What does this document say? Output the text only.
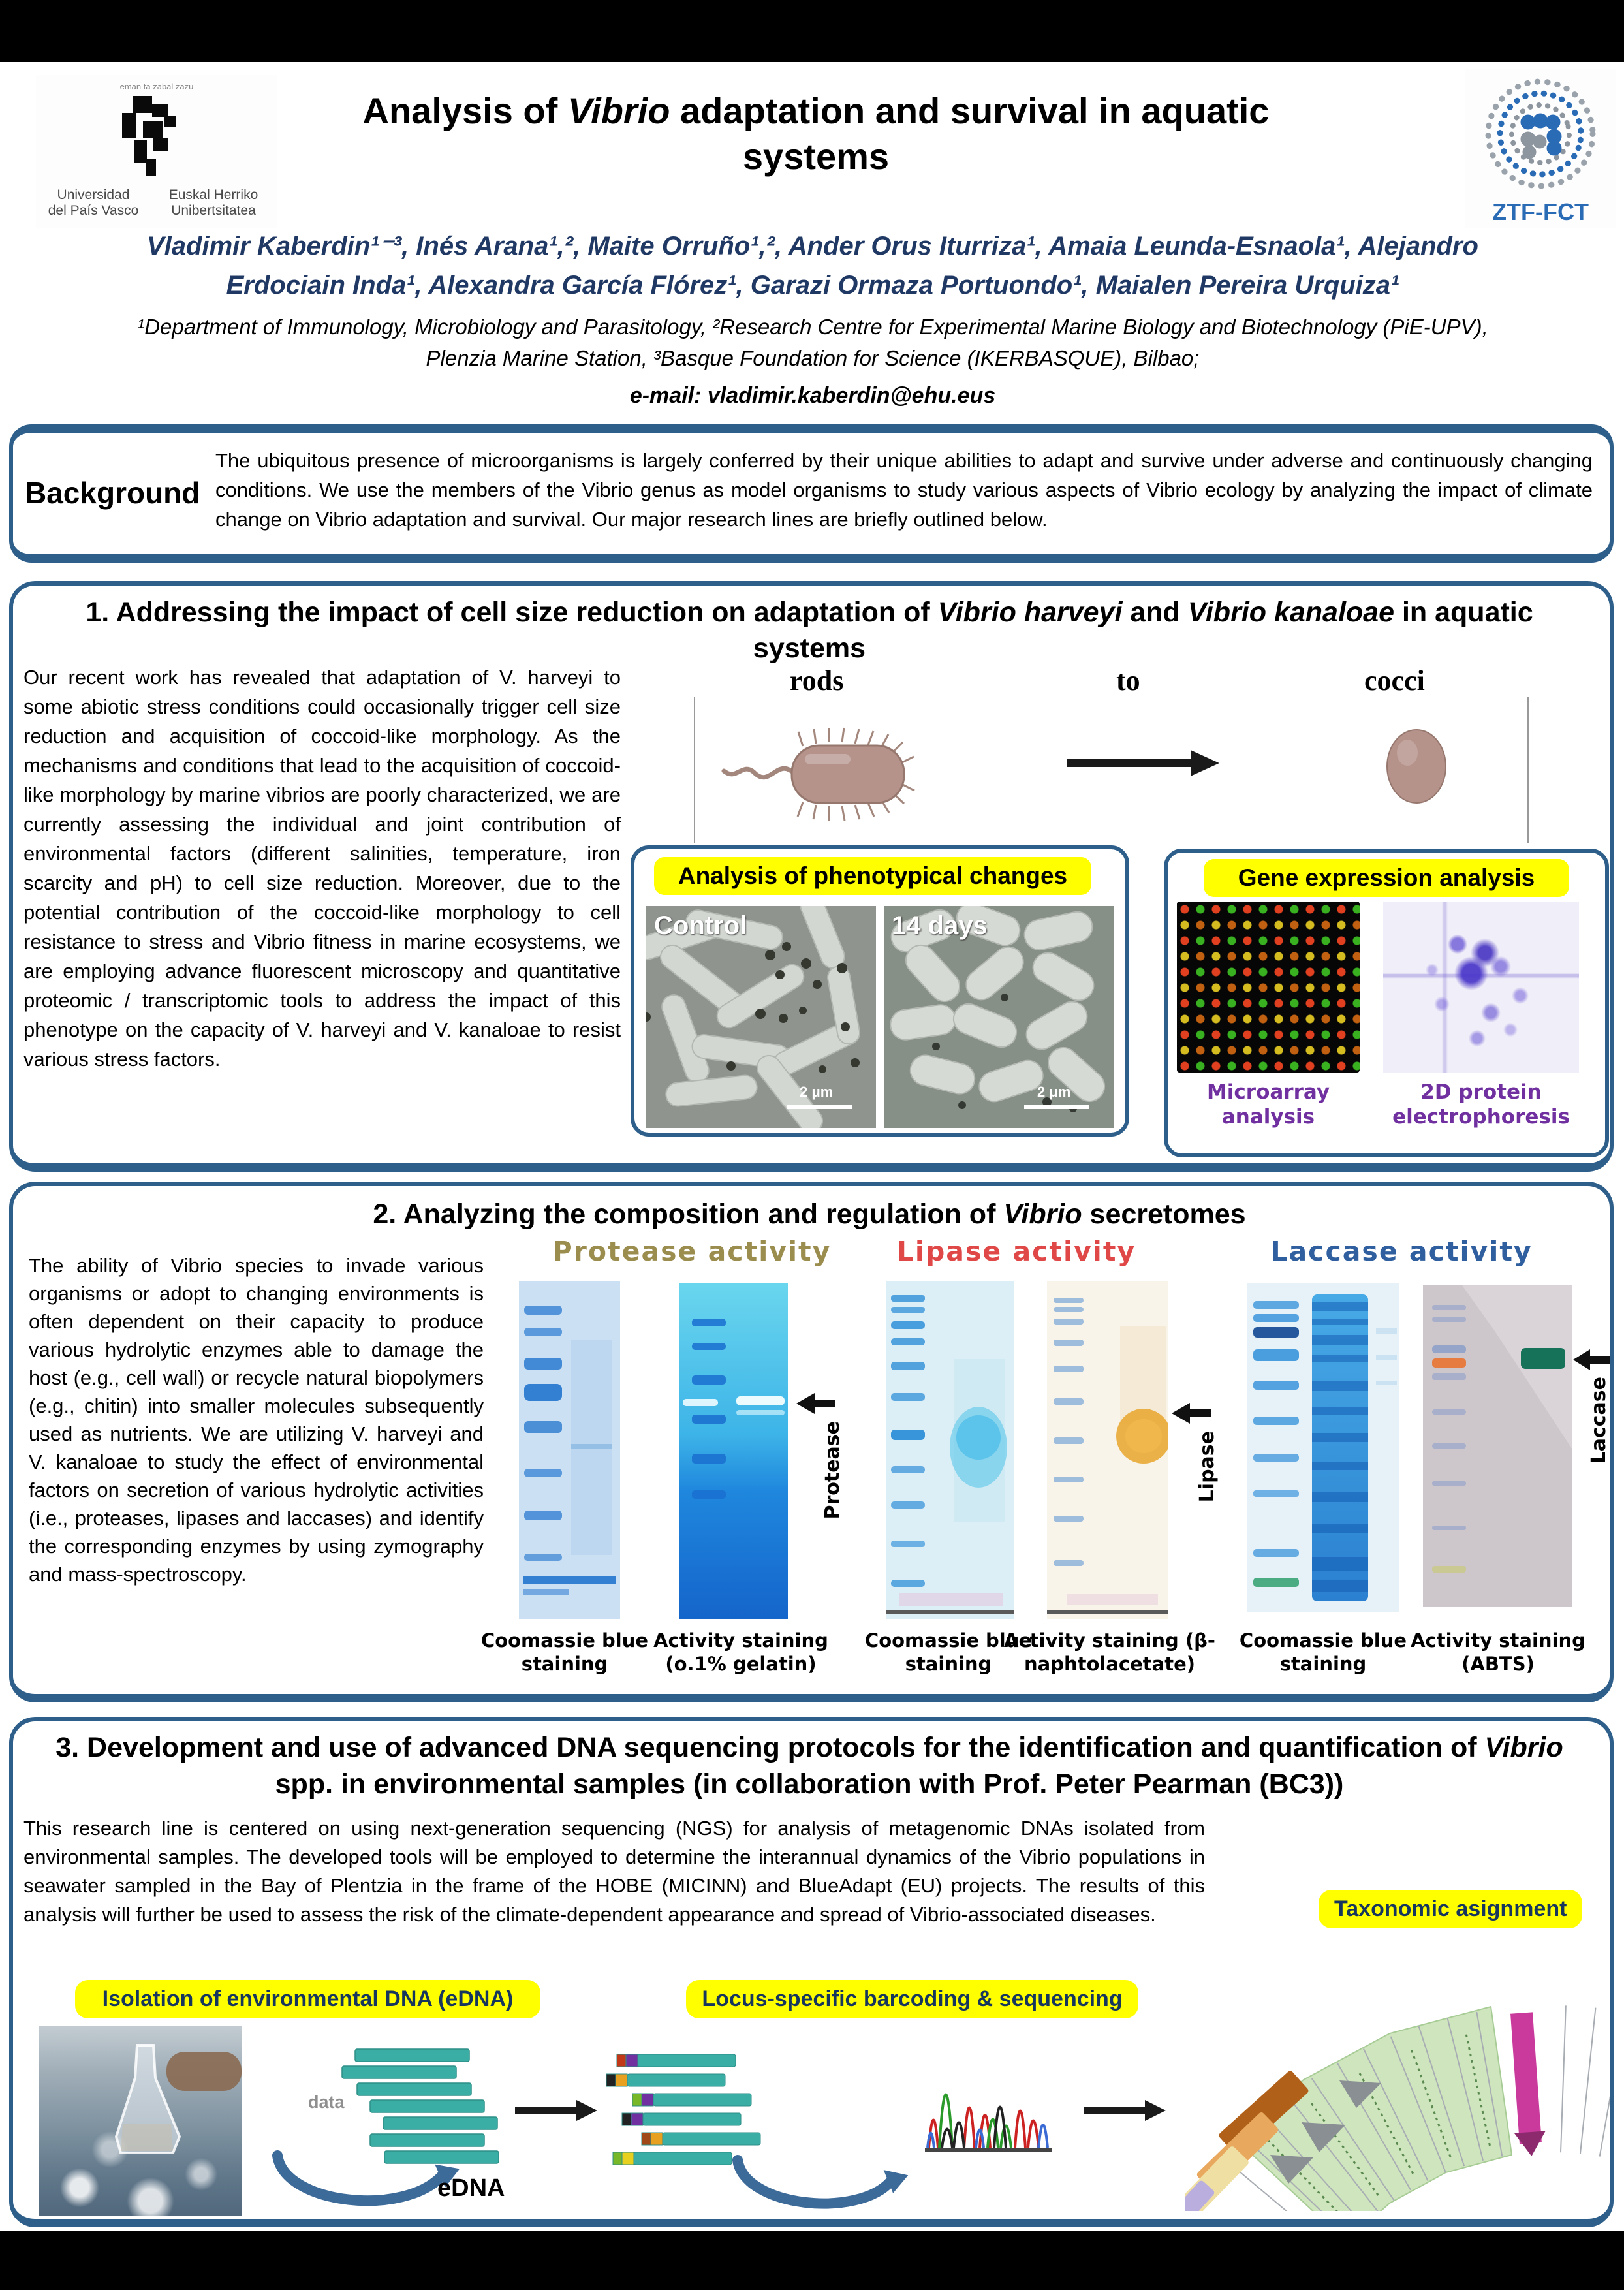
eman ta zabal zazu
Universidad
del País Vasco
Euskal Herriko
Unibertsitatea
Analysis of Vibrio adaptation and survival in aquatic systems
ZTF-FCT
Vladimir Kaberdin¹⁻³, Inés Arana¹,², Maite Orruño¹,², Ander Orus Iturriza¹, Amaia Leunda-Esnaola¹, Alejandro
Erdociain Inda¹, Alexandra García Flórez¹, Garazi Ormaza Portuondo¹, Maialen Pereira Urquiza¹
¹Department of Immunology, Microbiology and Parasitology, ²Research Centre for Experimental Marine Biology and Biotechnology (PiE-UPV), Plenzia Marine Station, ³Basque Foundation for Science (IKERBASQUE), Bilbao;
e-mail: vladimir.kaberdin@ehu.eus
Background
The ubiquitous presence of microorganisms is largely conferred by their unique abilities to adapt and survive under adverse and continuously changing conditions. We use the members of the Vibrio genus as model organisms to study various aspects of Vibrio ecology by analyzing the impact of climate change on Vibrio adaptation and survival. Our major research lines are briefly outlined below.
1. Addressing the impact of cell size reduction on adaptation of Vibrio harveyi and Vibrio kanaloae in aquatic systems
Our recent work has revealed that adaptation of V. harveyi to some abiotic stress conditions could occasionally trigger cell size reduction and acquisition of coccoid-like morphology. As the mechanisms and conditions that lead to the acquisition of coccoid-like morphology by marine vibrios are poorly characterized, we are currently assessing the individual and joint contribution of environmental factors (different salinities, temperature, iron scarcity and pH) to cell size reduction. Moreover, due to the potential contribution of the coccoid-like morphology to cell resistance to stress and Vibrio fitness in marine ecosystems, we are employing advance fluorescent microscopy and quantitative proteomic / transcriptomic tools to address the impact of this phenotype on the capacity of V. harveyi and V. kanaloae to resist various stress factors.
rods	to	cocci
Analysis of phenotypical changes
Control
2 μm
14 days
2 μm
Gene expression analysis
Microarray analysis
2D protein electrophoresis
2. Analyzing the composition and regulation of Vibrio secretomes
The ability of Vibrio species to invade various organisms or adopt to changing environments is often dependent on their capacity to produce various hydrolytic enzymes able to damage the host (e.g., cell wall) or recycle natural biopolymers (e.g., chitin) into smaller molecules subsequently used as nutrients. We are utilizing V. harveyi and V. kanaloae to study the effect of environmental factors on secretion of various hydrolytic activities (i.e., proteases, lipases and laccases) and identify the corresponding enzymes by using zymography and mass-spectroscopy.
Protease activity
Protease
Coomassie blue staining
Activity staining (o.1% gelatin)
Lipase activity
Lipase
Coomassie blue staining
Activity staining (β-naphtolacetate)
Laccase activity
Laccase
Coomassie blue staining
Activity staining (ABTS)
3. Development and use of advanced DNA sequencing protocols for the identification and quantification of Vibrio spp. in environmental samples (in collaboration with Prof. Peter Pearman (BC3))
This research line is centered on using next-generation sequencing (NGS) for analysis of metagenomic DNAs isolated from environmental samples. The developed tools will be employed to determine the interannual dynamics of the Vibrio populations in seawater sampled in the Bay of Plentzia in the frame of the HOBE (MICINN) and BlueAdapt (EU) projects. The results of this analysis will further be used to assess the risk of the climate-dependent appearance and spread of Vibrio-associated diseases.	Taxonomic asignment
Isolation of environmental DNA (eDNA)	Locus-specific barcoding & sequencing
data
eDNA
